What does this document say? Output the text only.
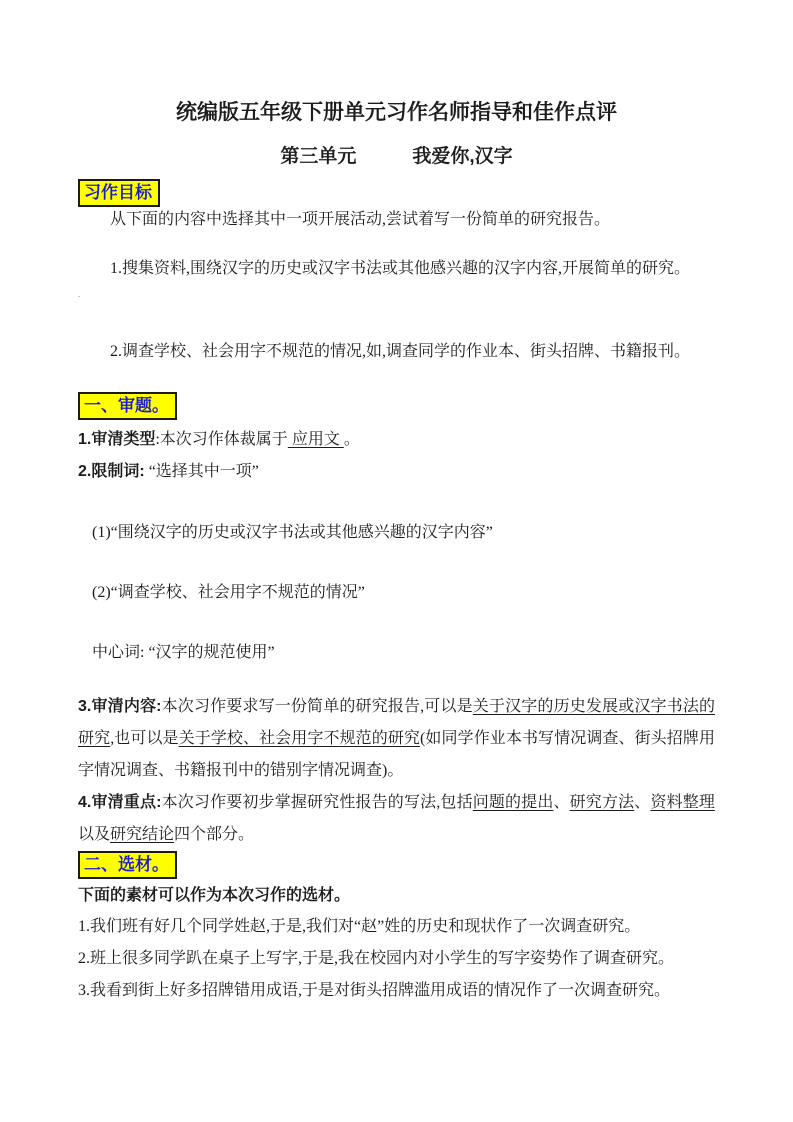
统编版五年级下册单元习作名师指导和佳作点评
第三单元	我爱你,汉字
习作目标

从下面的内容中选择其中一项开展活动,尝试着写一份简单的研究报告。

1.搜集资料,围绕汉字的历史或汉字书法或其他感兴趣的汉字内容,开展简单的研究。

.

2.调查学校、社会用字不规范的情况,如,调查同学的作业本、街头招牌、书籍报刊。

一、审题。

1.审清类型:本次习作体裁属于 应用文 。

2.限制词: “选择其中一项”

(1)“围绕汉字的历史或汉字书法或其他感兴趣的汉字内容”

(2)“调查学校、社会用字不规范的情况”

中心词: “汉字的规范使用”

3.审清内容:本次习作要求写一份简单的研究报告,可以是关于汉字的历史发展或汉字书法的研究,也可以是关于学校、社会用字不规范的研究(如同学作业本书写情况调查、街头招牌用字情况调查、书籍报刊中的错别字情况调查)。

4.审清重点:本次习作要初步掌握研究性报告的写法,包括问题的提出、研究方法、资料整理以及研究结论四个部分。

二、选材。

下面的素材可以作为本次习作的选材。

1.我们班有好几个同学姓赵,于是,我们对“赵”姓的历史和现状作了一次调查研究。

2.班上很多同学趴在桌子上写字,于是,我在校园内对小学生的写字姿势作了调查研究。

3.我看到街上好多招牌错用成语,于是对街头招牌滥用成语的情况作了一次调查研究。
